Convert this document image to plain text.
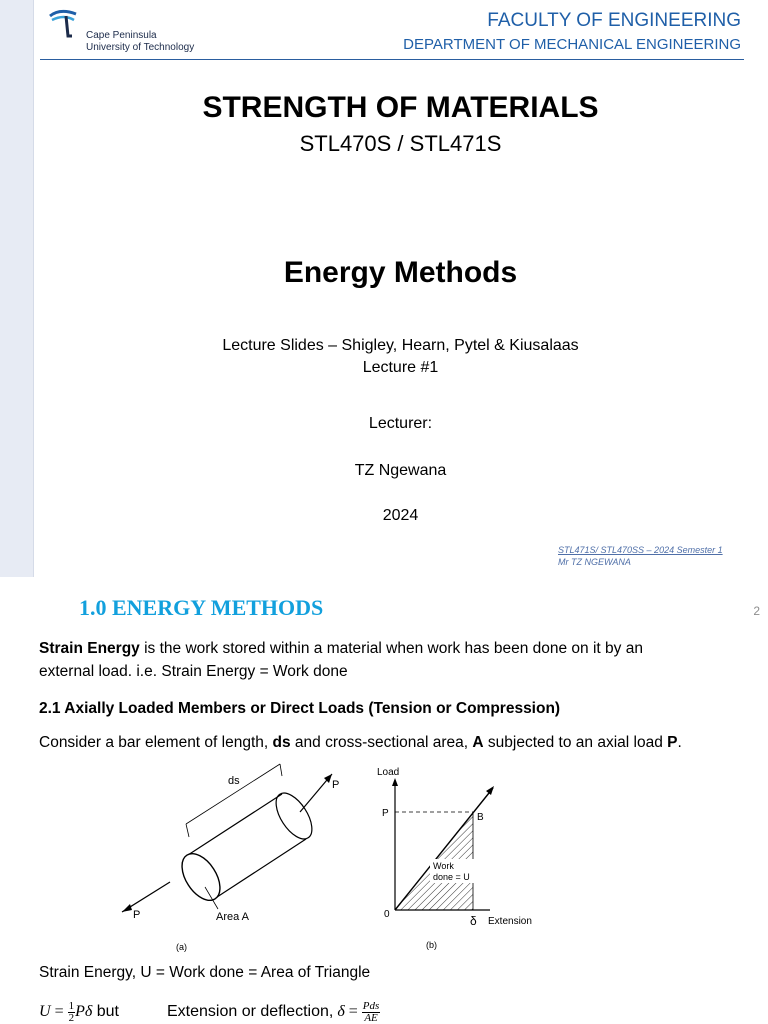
Cape Peninsula
University of Technology
FACULTY OF ENGINEERING
DEPARTMENT OF MECHANICAL ENGINEERING
STRENGTH OF MATERIALS
STL470S / STL471S
Energy Methods
Lecture Slides – Shigley, Hearn, Pytel & Kiusalaas
Lecture #1
Lecturer:
TZ Ngewana
2024
STL471S/ STL470SS – 2024 Semester 1
Mr TZ NGEWANA
1.0 ENERGY METHODS	2
Strain Energy is the work stored within a material when work has been done on it by an
external load. i.e. Strain Energy = Work done
2.1 Axially Loaded Members or Direct Loads (Tension or Compression)
Consider a bar element of length, ds and cross-sectional area, A subjected to an axial load P.
ds	P
P	Area A
(a)
Work
done = U
Load
P	B
0	δ Extension
(b)
Strain Energy, U = Work done = Area of Triangle
$U = \frac{1}{2}$ Pδ but	Extension or deflection, $\delta = \frac{\text{Pds}}{AE}$
